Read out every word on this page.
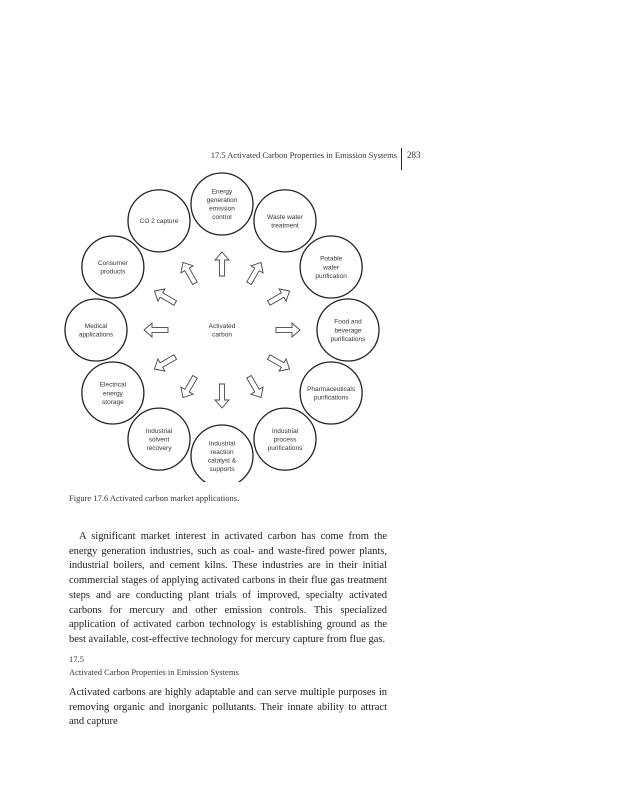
17.5 Activated Carbon Properties in Emission Systems 283
Activated carbon
Energy generation emission control	Waste water treatment
Potable water purification
Food and beverage purifications
Pharmaceuticals purifications
Industrial process purifications
Industrial reaction catalyst & supports
Industrial solvent recovery
Electrical energy storage
Medical applications
Consumer products
CO 2 capture
Figure 17.6 Activated carbon market applications.

A significant market interest in activated carbon has come from the energy generation industries, such as coal- and waste-fired power plants, industrial boilers, and cement kilns. These industries are in their initial commercial stages of applying activated carbons in their flue gas treatment steps and are conducting plant trials of improved, specialty activated carbons for mercury and other emission controls. This specialized application of activated carbon technology is establishing ground as the best available, cost-effective technology for mercury capture from flue gas.

17.5
Activated Carbon Properties in Emission Systems

Activated carbons are highly adaptable and can serve multiple purposes in removing organic and inorganic pollutants. Their innate ability to attract and capture
